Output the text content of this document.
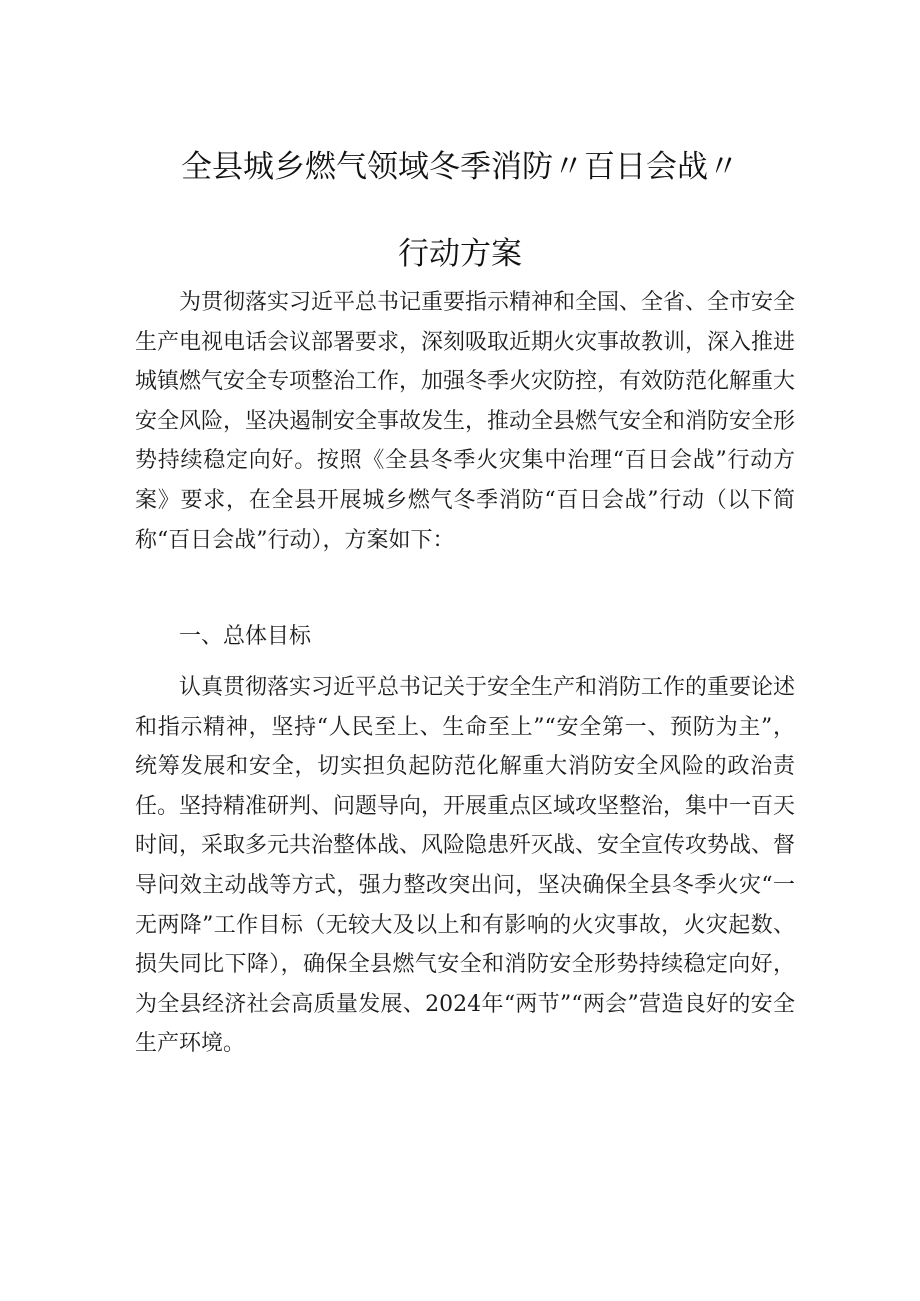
全县城乡燃气领域冬季消防〃百日会战〃
行动方案

为贯彻落实习近平总书记重要指示精神和全国、全省、全市安全生产电视电话会议部署要求，深刻吸取近期火灾事故教训，深入推进城镇燃气安全专项整治工作，加强冬季火灾防控，有效防范化解重大安全风险，坚决遏制安全事故发生，推动全县燃气安全和消防安全形势持续稳定向好。按照《全县冬季火灾集中治理“百日会战”行动方案》要求，在全县开展城乡燃气冬季消防“百日会战”行动（以下简称“百日会战”行动），方案如下：

一、总体目标

认真贯彻落实习近平总书记关于安全生产和消防工作的重要论述和指示精神，坚持“人民至上、生命至上”“安全第一、预防为主”，统筹发展和安全，切实担负起防范化解重大消防安全风险的政治责任。坚持精准研判、问题导向，开展重点区域攻坚整治，集中一百天时间，采取多元共治整体战、风险隐患歼灭战、安全宣传攻势战、督导问效主动战等方式，强力整改突出问，坚决确保全县冬季火灾“一无两降”工作目标（无较大及以上和有影响的火灾事故，火灾起数、损失同比下降），确保全县燃气安全和消防安全形势持续稳定向好，为全县经济社会高质量发展、2024年“两节”“两会”营造良好的安全生产环境。
